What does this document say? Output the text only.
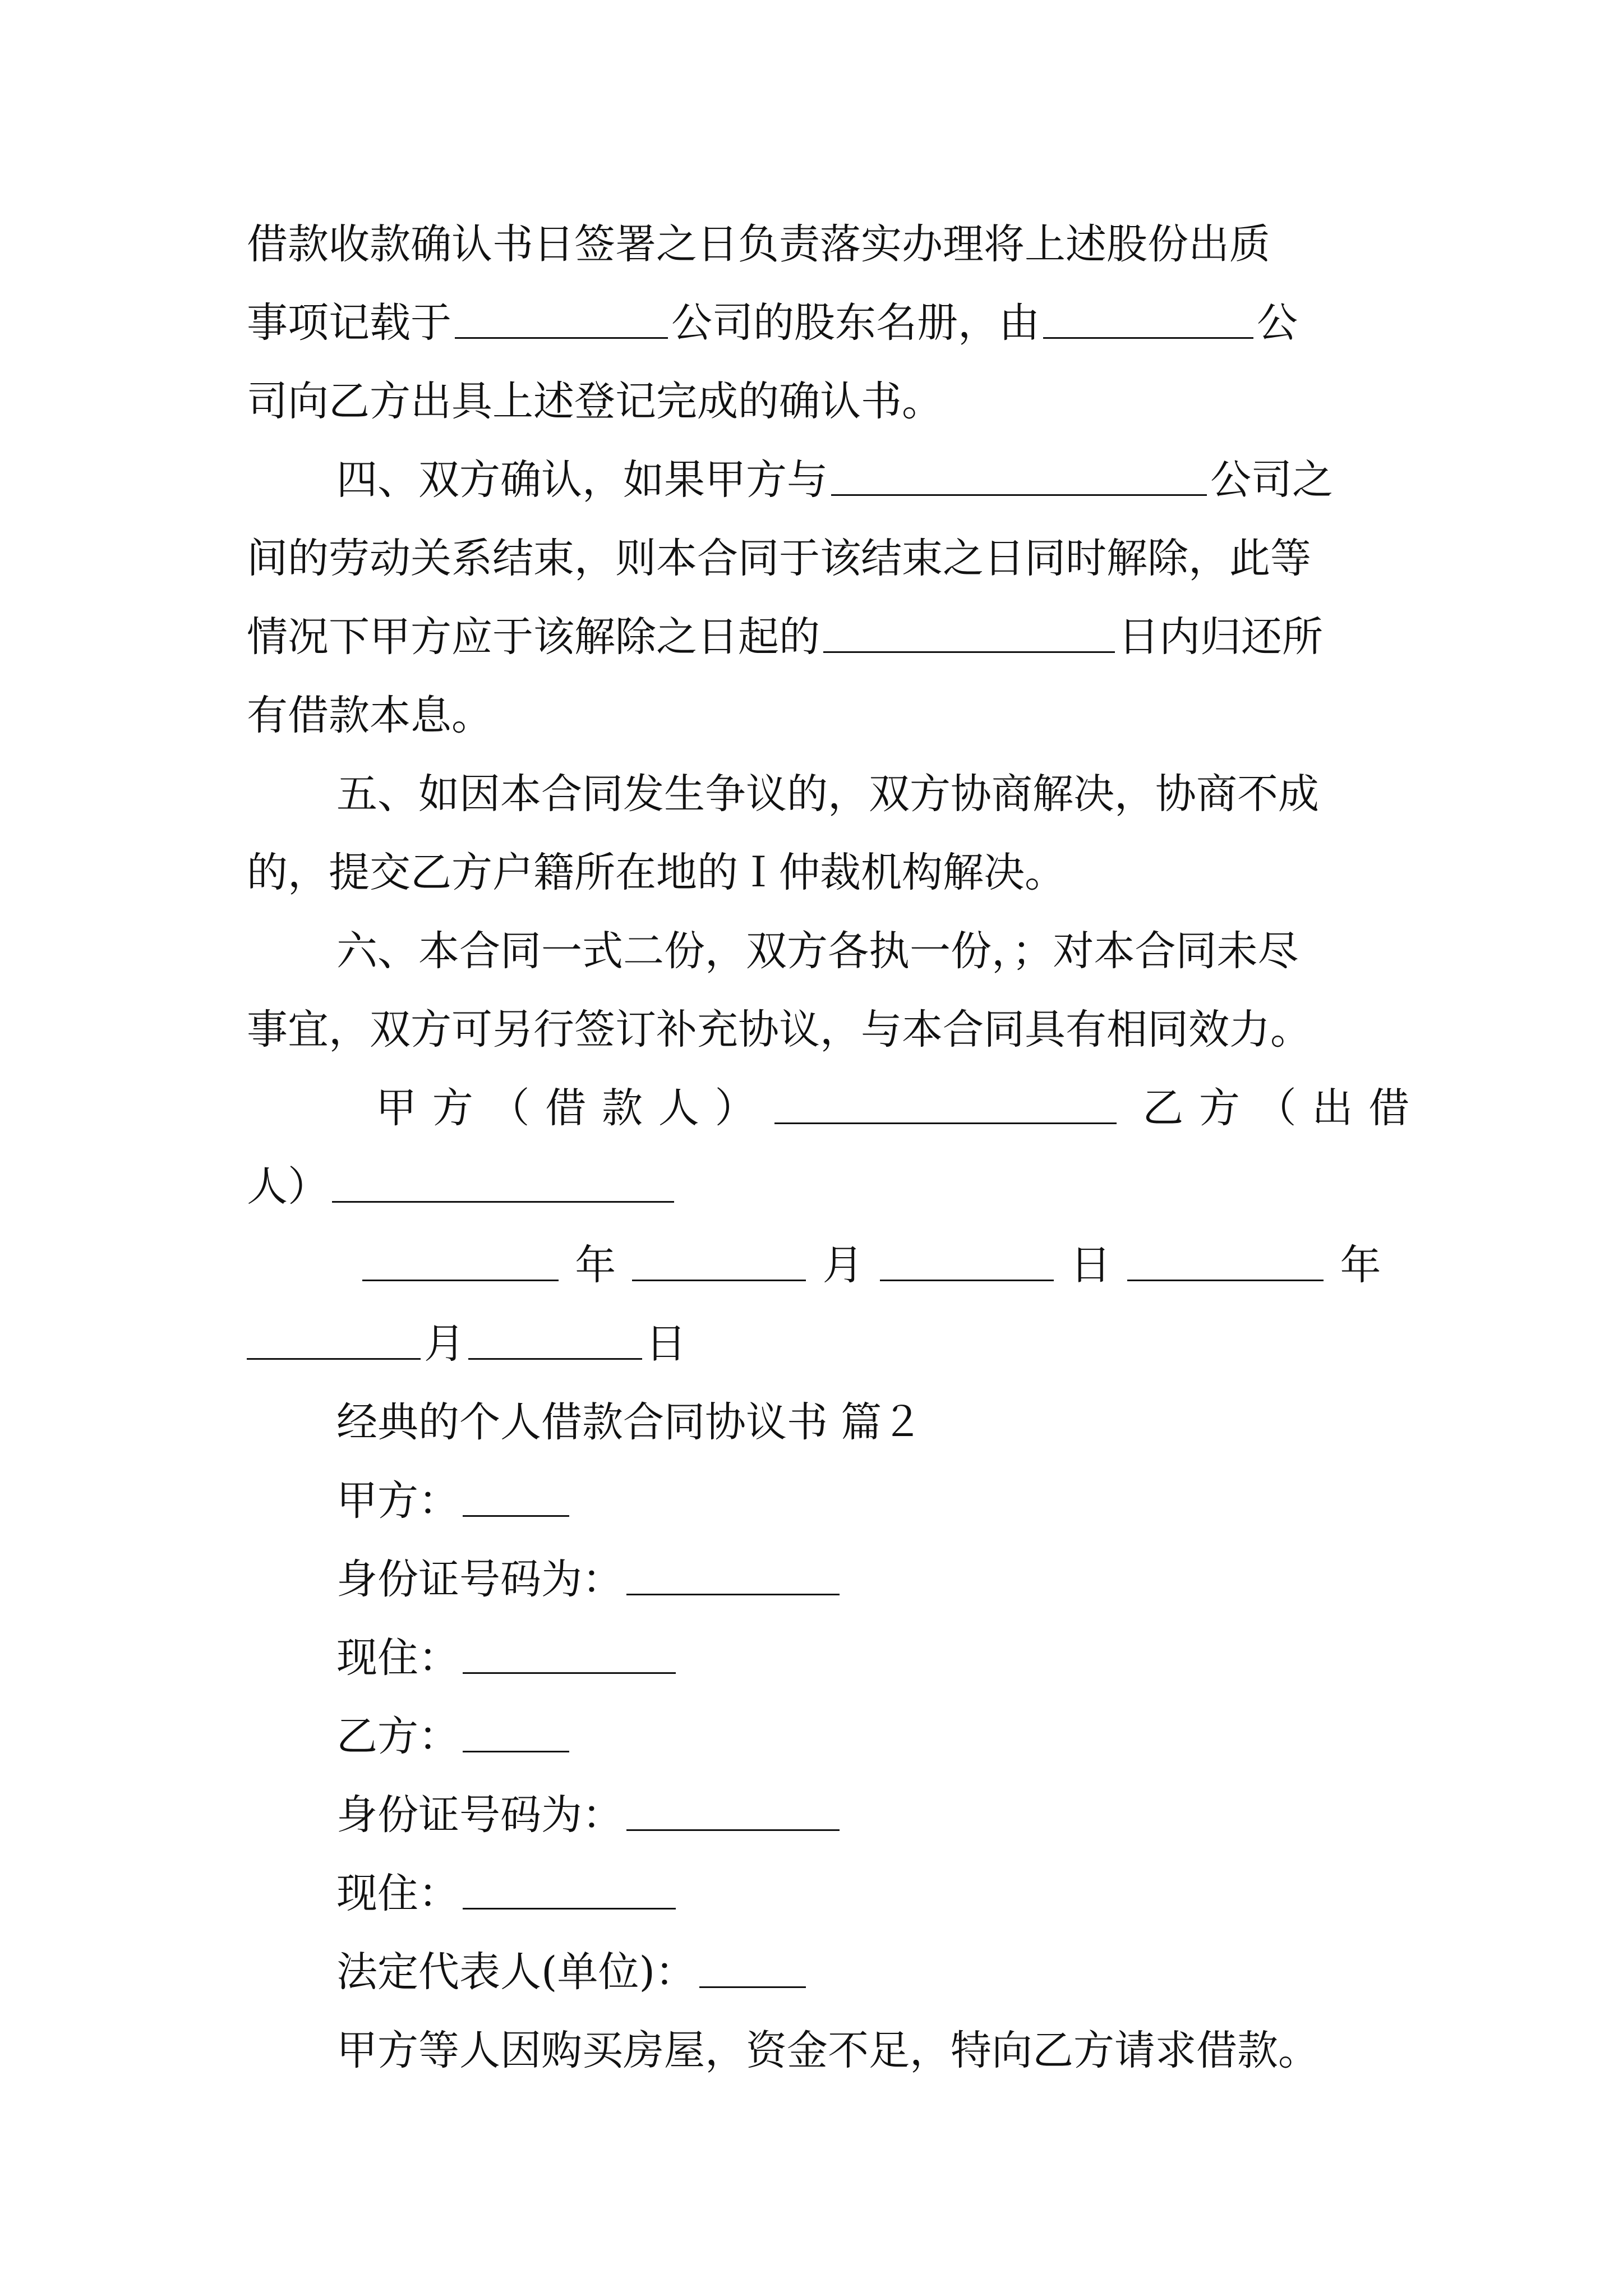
借款收款确认书日签署之日负责落实办理将上述股份出质
事项记载于	公司的股东名册，由	公
司向乙方出具上述登记完成的确认书。
四、双方确认，如果甲方与	公司之
间的劳动关系结束，则本合同于该结束之日同时解除，此等
情况下甲方应于该解除之日起的	日内归还所
有借款本息。
五、如因本合同发生争议的，双方协商解决，协商不成
的，提交乙方户籍所在地的Ｉ仲裁机构解决。
六、本合同一式二份，双方各执一份，；对本合同未尽
事宜，双方可另行签订补充协议，与本合同具有相同效力。
甲方（借款人）	乙方（出借
人）
年	月	日	年
月	日
经典的个人借款合同协议书 篇２
甲方：
身份证号码为：
现住：
乙方：
身份证号码为：
现住：
法定代表人(单位)：
甲方等人因购买房屋，资金不足，特向乙方请求借款。
